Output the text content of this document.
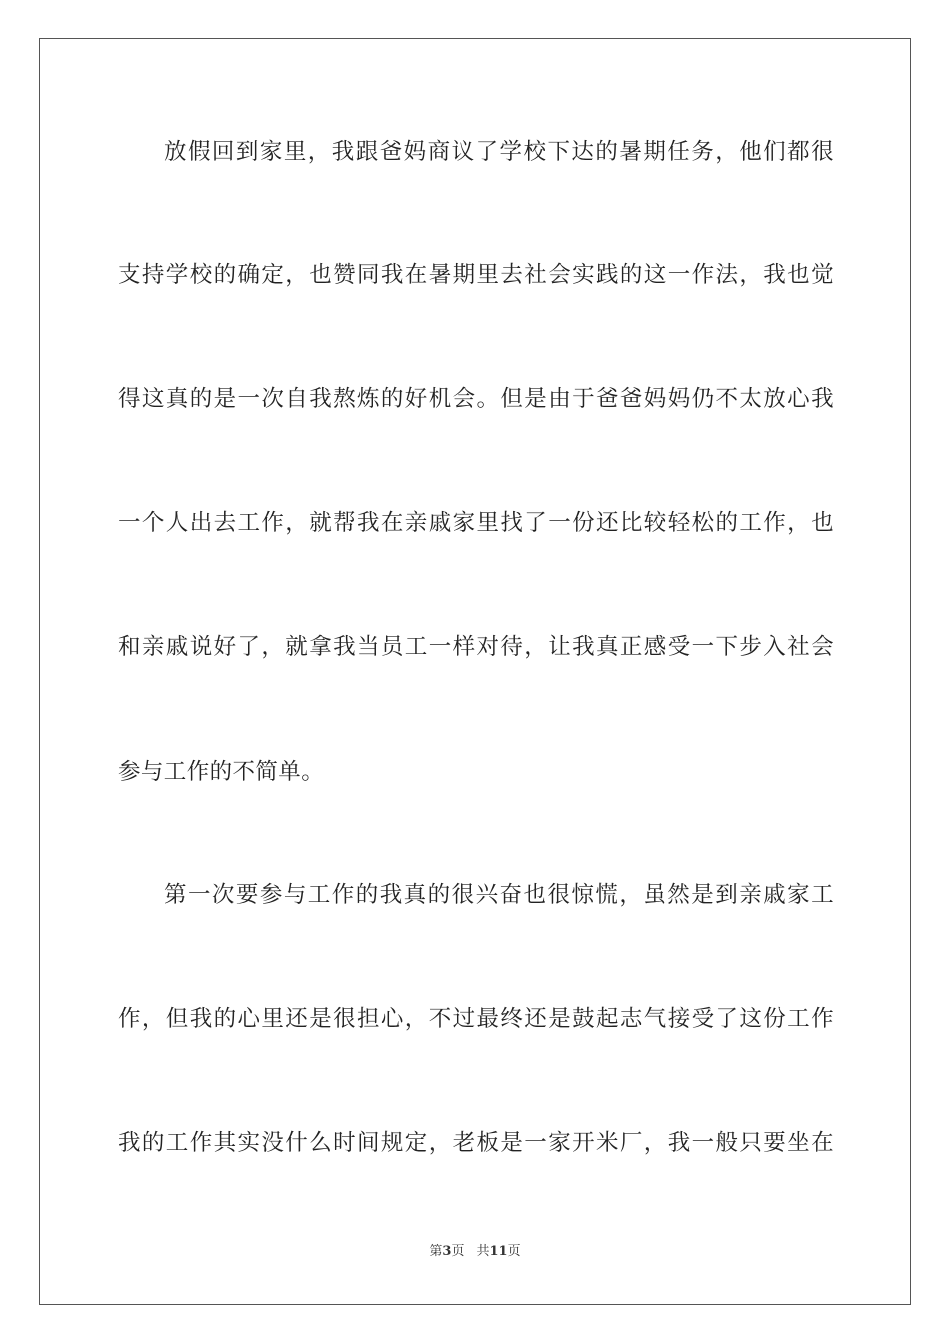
放假回到家里，我跟爸妈商议了学校下达的暑期任务，他们都很
支持学校的确定，也赞同我在暑期里去社会实践的这一作法，我也觉
得这真的是一次自我熬炼的好机会。但是由于爸爸妈妈仍不太放心我
一个人出去工作，就帮我在亲戚家里找了一份还比较轻松的工作，也
和亲戚说好了，就拿我当员工一样对待，让我真正感受一下步入社会
参与工作的不简单。
第一次要参与工作的我真的很兴奋也很惊慌，虽然是到亲戚家工
作，但我的心里还是很担心，不过最终还是鼓起志气接受了这份工作
我的工作其实没什么时间规定，老板是一家开米厂，我一般只要坐在
第3页 共11页
